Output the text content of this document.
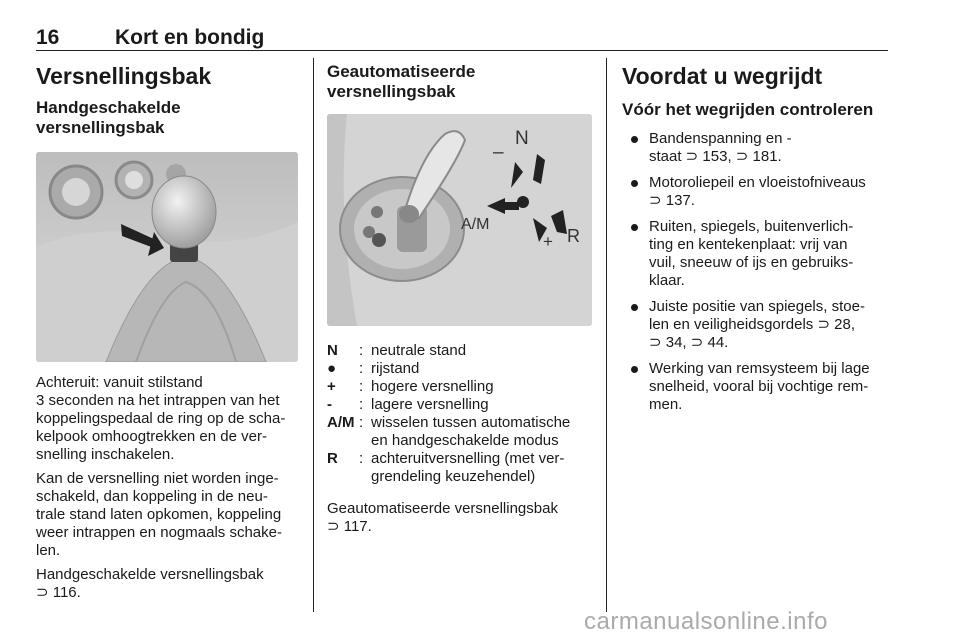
16	Kort en bondig
Versnellingsbak
Handgeschakelde
versnellingsbak

Achteruit: vanuit stilstand
3 seconden na het intrappen van het
koppelingspedaal de ring op de scha-
kelpook omhoogtrekken en de ver-
snelling inschakelen.

Kan de versnelling niet worden inge-
schakeld, dan koppeling in de neu-
trale stand laten opkomen, koppeling
weer intrappen en nogmaals schake-
len.

Handgeschakelde versnellingsbak
⊃ 116.

Geautomatiseerde
versnellingsbak
N
–
A/M
+ R
N	: neutrale stand
●	: rijstand
+	: hogere versnelling
-	: lagere versnelling
A/M : wisselen tussen automatische
en handgeschakelde modus
R	: achteruitversnelling (met ver-
grendeling keuzehendel)

Geautomatiseerde versnellingsbak
⊃ 117.

Voordat u wegrijdt
Vóór het wegrijden controleren
Bandenspanning en -
staat ⊃ 153, ⊃ 181.
Motoroliepeil en vloeistofniveaus
⊃ 137.
Ruiten, spiegels, buitenverlich-
ting en kentekenplaat: vrij van
vuil, sneeuw of ijs en gebruiks-
klaar.
Juiste positie van spiegels, stoe-
len en veiligheidsgordels ⊃ 28,
⊃ 34, ⊃ 44.
Werking van remsysteem bij lage
snelheid, vooral bij vochtige rem-
men.
carmanualsonline.info
